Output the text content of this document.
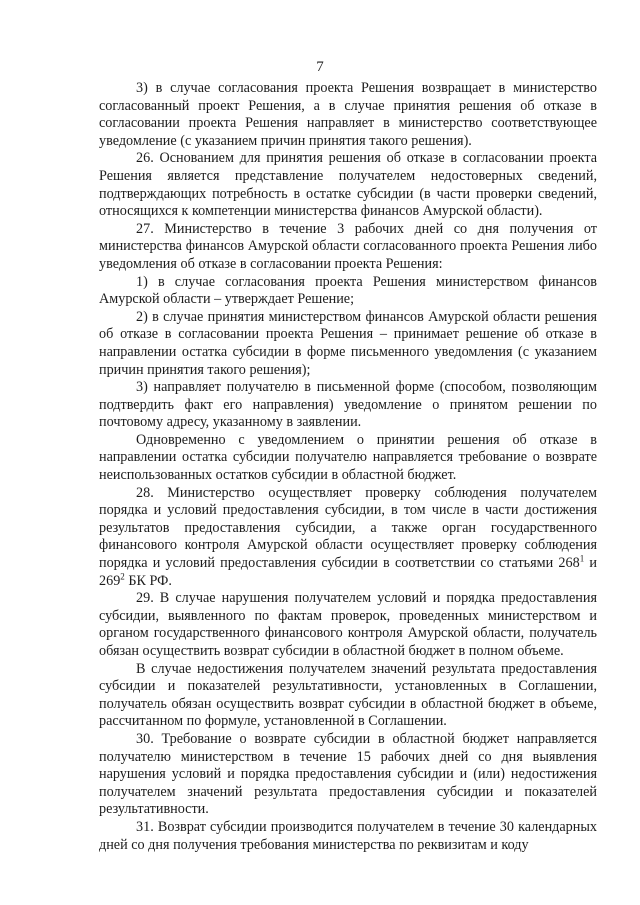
7

3) в случае согласования проекта Решения возвращает в министерство согласованный проект Решения, а в случае принятия решения об отказе в согласовании проекта Решения направляет в министерство соответствующее уведомление (с указанием причин принятия такого решения).

26. Основанием для принятия решения об отказе в согласовании проекта Решения является представление получателем недостоверных сведений, подтверждающих потребность в остатке субсидии (в части проверки сведений, относящихся к компетенции министерства финансов Амурской области).

27. Министерство в течение 3 рабочих дней со дня получения от министерства финансов Амурской области согласованного проекта Решения либо уведомления об отказе в согласовании проекта Решения:

1) в случае согласования проекта Решения министерством финансов Амурской области – утверждает Решение;

2) в случае принятия министерством финансов Амурской области решения об отказе в согласовании проекта Решения – принимает решение об отказе в направлении остатка субсидии в форме письменного уведомления (с указанием причин принятия такого решения);

3) направляет получателю в письменной форме (способом, позволяющим подтвердить факт его направления) уведомление о принятом решении по почтовому адресу, указанному в заявлении.

Одновременно с уведомлением о принятии решения об отказе в направлении остатка субсидии получателю направляется требование о возврате неиспользованных остатков субсидии в областной бюджет.

28. Министерство осуществляет проверку соблюдения получателем порядка и условий предоставления субсидии, в том числе в части достижения результатов предоставления субсидии, а также орган государственного финансового контроля Амурской области осуществляет проверку соблюдения порядка и условий предоставления субсидии в соответствии со статьями $268^1$ и $269^2$ БК РФ.

29. В случае нарушения получателем условий и порядка предоставления субсидии, выявленного по фактам проверок, проведенных министерством и органом государственного финансового контроля Амурской области, получатель обязан осуществить возврат субсидии в областной бюджет в полном объеме.

В случае недостижения получателем значений результата предоставления субсидии и показателей результативности, установленных в Соглашении, получатель обязан осуществить возврат субсидии в областной бюджет в объеме, рассчитанном по формуле, установленной в Соглашении.

30. Требование о возврате субсидии в областной бюджет направляется получателю министерством в течение 15 рабочих дней со дня выявления нарушения условий и порядка предоставления субсидии и (или) недостижения получателем значений результата предоставления субсидии и показателей результативности.

31. Возврат субсидии производится получателем в течение 30 календарных дней со дня получения требования министерства по реквизитам и коду
